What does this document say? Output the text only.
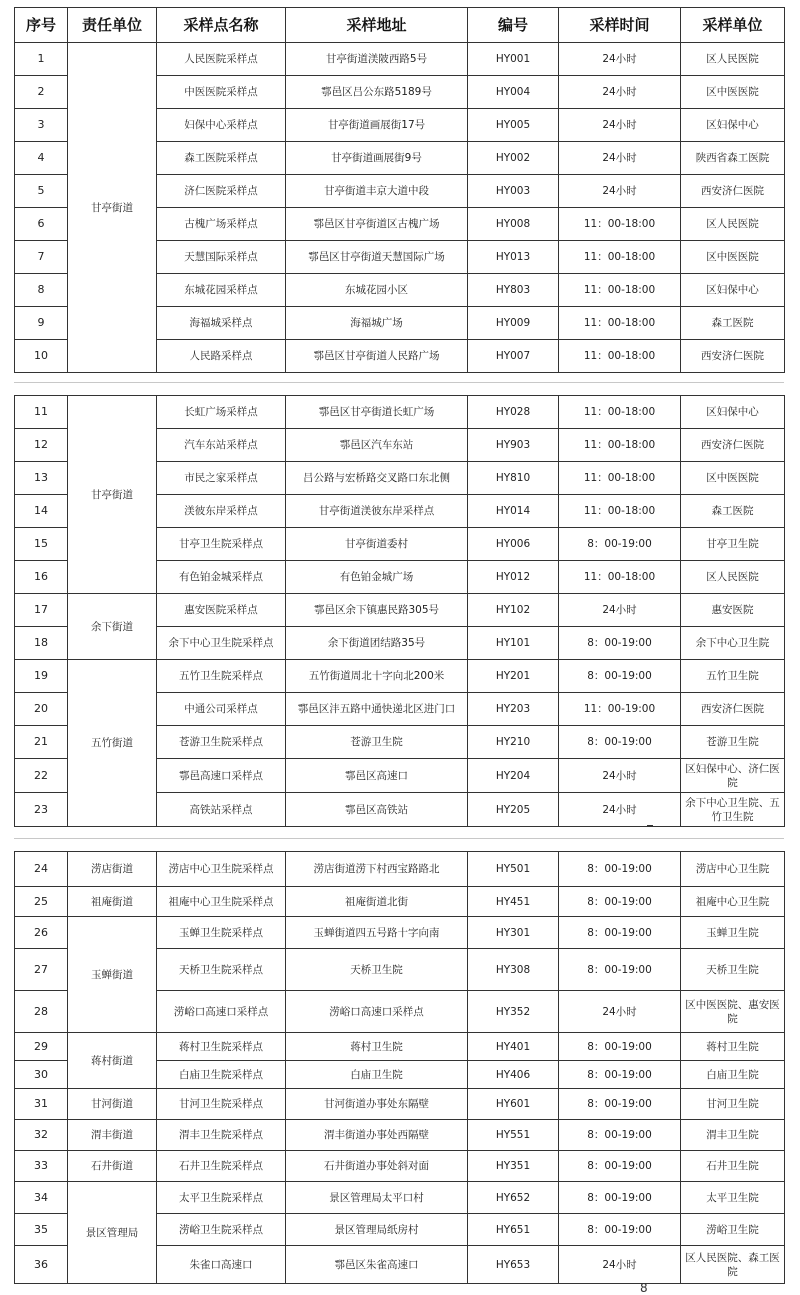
序号	责任单位	采样点名称	采样地址	编号	采样时间	采样单位
1	甘亭街道	人民医院采样点	甘亭街道渼陂西路5号	HY001	24小时	区人民医院
2		中医医院采样点	鄠邑区吕公东路5189号	HY004	24小时	区中医医院
3		妇保中心采样点	甘亭街道画展街17号	HY005	24小时	区妇保中心
4		森工医院采样点	甘亭街道画展街9号	HY002	24小时	陕西省森工医院
5		济仁医院采样点	甘亭街道丰京大道中段	HY003	24小时	西安济仁医院
6		古槐广场采样点	鄠邑区甘亭街道区古槐广场	HY008	11：00-18:00	区人民医院
7		天慧国际采样点	鄠邑区甘亭街道天慧国际广场	HY013	11：00-18:00	区中医医院
8		东城花园采样点	东城花园小区	HY803	11：00-18:00	区妇保中心
9		海福城采样点	海福城广场	HY009	11：00-18:00	森工医院
10		人民路采样点	鄠邑区甘亭街道人民路广场	HY007	11：00-18:00	西安济仁医院
11	甘亭街道	长虹广场采样点	鄠邑区甘亭街道长虹广场	HY028	11：00-18:00	区妇保中心
12		汽车东站采样点	鄠邑区汽车东站	HY903	11：00-18:00	西安济仁医院
13		市民之家采样点	吕公路与宏桥路交叉路口东北侧	HY810	11：00-18:00	区中医医院
14		渼彼东岸采样点	甘亭街道渼彼东岸采样点	HY014	11：00-18:00	森工医院
15		甘亭卫生院采样点	甘亭街道委村	HY006	8：00-19:00	甘亭卫生院
16		有色铂金城采样点	有色铂金城广场	HY012	11：00-18:00	区人民医院
17	余下街道	惠安医院采样点	鄠邑区余下镇惠民路305号	HY102	24小时	惠安医院
18		余下中心卫生院采样点	余下街道团结路35号	HY101	8：00-19:00	余下中心卫生院
19	五竹街道	五竹卫生院采样点	五竹街道周北十字向北200米	HY201	8：00-19:00	五竹卫生院
20		中通公司采样点	鄠邑区沣五路中通快递北区进门口	HY203	11：00-19:00	西安济仁医院
21		苍游卫生院采样点	苍游卫生院	HY210	8：00-19:00	苍游卫生院
22		鄠邑高速口采样点	鄠邑区高速口	HY204	24小时	区妇保中心、济仁医院
23		高铁站采样点	鄠邑区高铁站	HY205	24小时	余下中心卫生院、五竹卫生院
24	涝店街道	涝店中心卫生院采样点	涝店街道涝下村西宝路路北	HY501	8：00-19:00	涝店中心卫生院
25	祖庵街道	祖庵中心卫生院采样点	祖庵街道北街	HY451	8：00-19:00	祖庵中心卫生院
26	玉蝉街道	玉蝉卫生院采样点	玉蝉街道四五号路十字向南	HY301	8：00-19:00	玉蝉卫生院
27		天桥卫生院采样点	天桥卫生院	HY308	8：00-19:00	天桥卫生院
28		涝峪口高速口采样点	涝峪口高速口采样点	HY352	24小时	区中医医院、惠安医院
29	蒋村街道	蒋村卫生院采样点	蒋村卫生院	HY401	8：00-19:00	蒋村卫生院
30		白庙卫生院采样点	白庙卫生院	HY406	8：00-19:00	白庙卫生院
31	甘河街道	甘河卫生院采样点	甘河街道办事处东隔壁	HY601	8：00-19:00	甘河卫生院
32	渭丰街道	渭丰卫生院采样点	渭丰街道办事处西隔壁	HY551	8：00-19:00	渭丰卫生院
33	石井街道	石井卫生院采样点	石井街道办事处斜对面	HY351	8：00-19:00	石井卫生院
34	景区管理局	太平卫生院采样点	景区管理局太平口村	HY652	8：00-19:00	太平卫生院
35		涝峪卫生院采样点	景区管理局纸房村	HY651	8：00-19:00	涝峪卫生院
36		朱雀口高速口	鄠邑区朱雀高速口	HY653	24小时	区人民医院、森工医院
8
